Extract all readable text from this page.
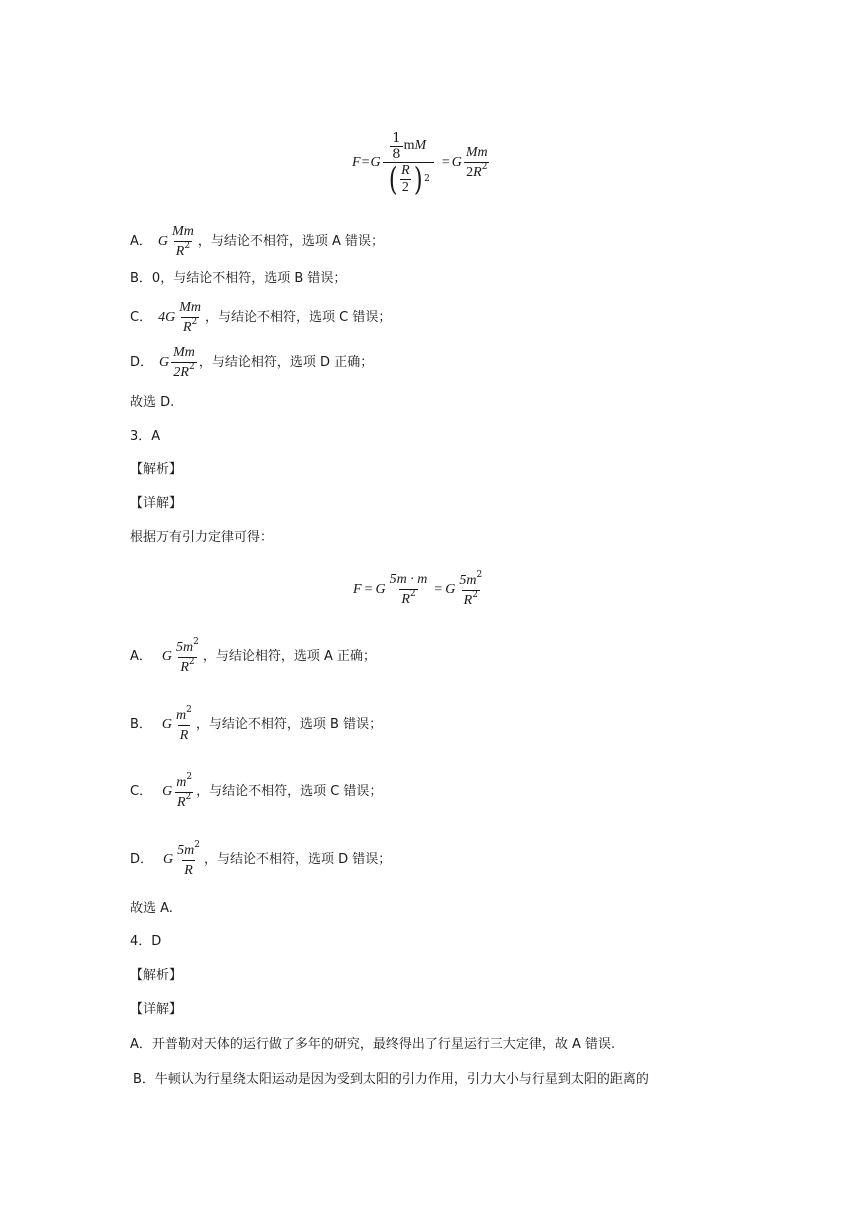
F = G
$\frac{1}{8}$ m M
( $\frac{R}{2}$ ) 2
= G $\frac{Mm}{2R^2}$
A． G $\frac{Mm}{R^2}$ ，与结论不相符，选项 A 错误；
B．0， 与结论不相符，选项 B 错误；
C． $4G \frac{Mm}{R^2}$ ，与结论不相符，选项 C 错误；
D． G $\frac{Mm}{2R^2}$ ，与结论相符，选项 D 正确；
故选 D.
3．A
【解析】
【详解】
根据万有引力定律可得：
F = G $\frac{5m \cdot m}{R^2} = G \frac{5m^2}{R^2}$
A． G $\frac{5m^2}{R^2}$ ，与结论相符，选项 A 正确；
B． G $\frac{m^2}{R}$ ，与结论不相符，选项 B 错误；
C． G $\frac{m^2}{R^2}$ ，与结论不相符，选项 C 错误；
D． G $\frac{5m^2}{R}$ ，与结论不相符，选项 D 错误；
故选 A.
4．D
【解析】
【详解】
A．开普勒对天体的运行做了多年的研究，最终得出了行星运行三大定律，故 A 错误.
B．牛顿认为行星绕太阳运动是因为受到太阳的引力作用，引力大小与行星到太阳的距离的
